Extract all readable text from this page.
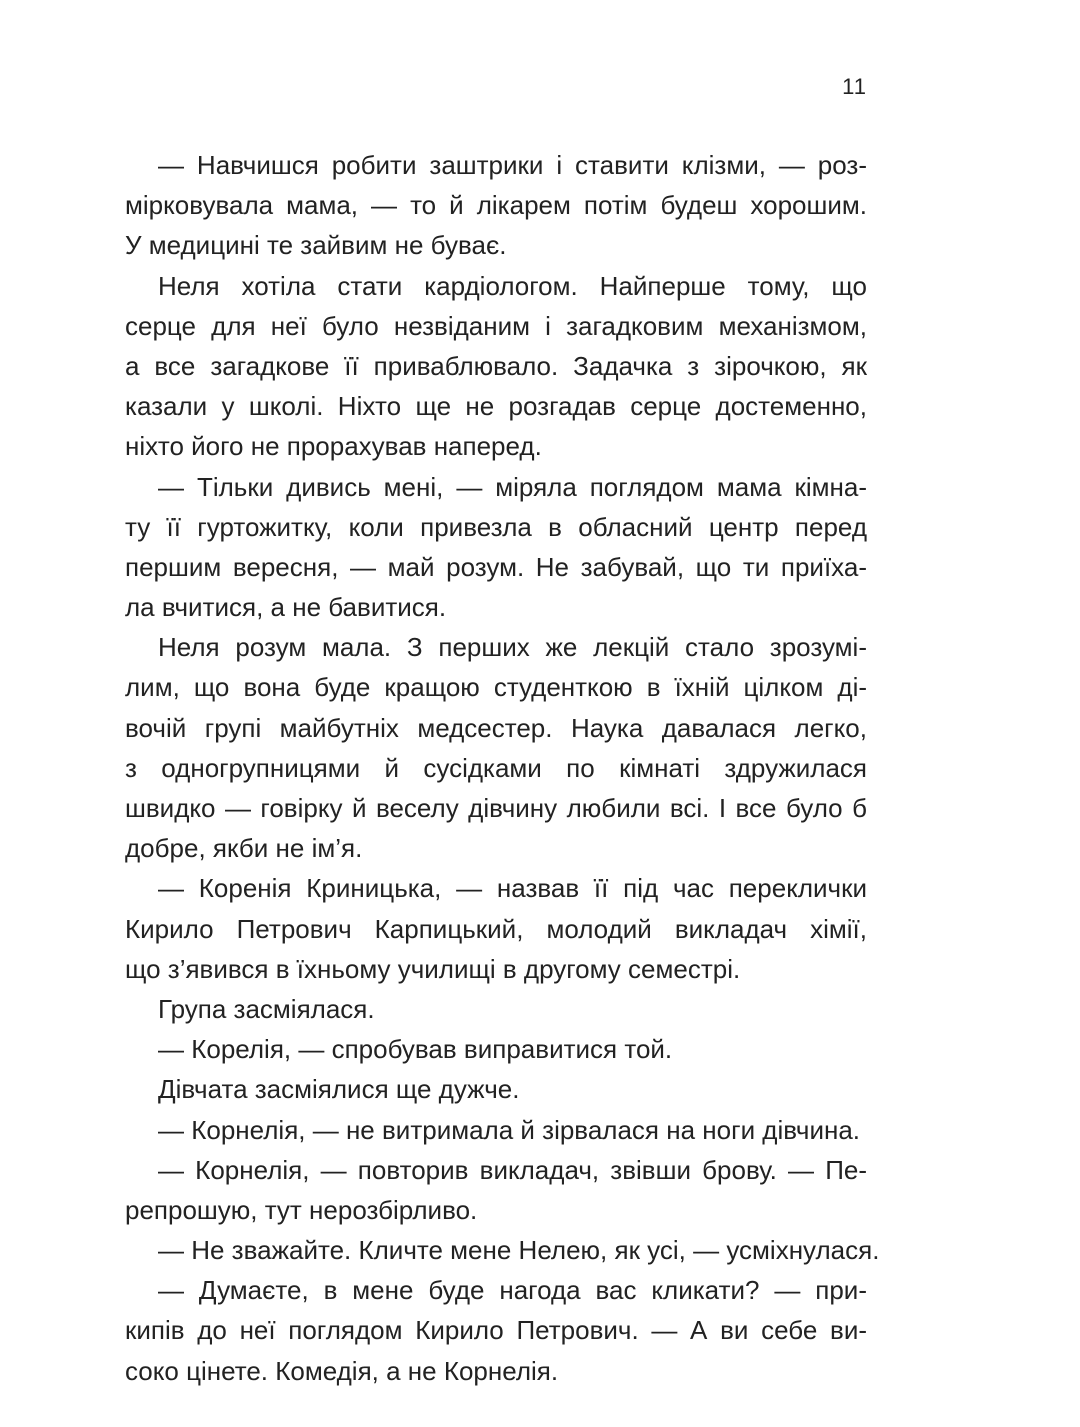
11
— Навчишся робити заштрики і ставити клізми, — роз-
мірковувала мама, — то й лікарем потім будеш хорошим.
У медицині те зайвим не буває.
Неля хотіла стати кардіологом. Найперше тому, що
серце для неї було незвіданим і загадковим механізмом,
а все загадкове її приваблювало. Задачка з зірочкою, як
казали у школі. Ніхто ще не розгадав серце достеменно,
ніхто його не прорахував наперед.
— Тільки дивись мені, — міряла поглядом мама кімна-
ту її гуртожитку, коли привезла в обласний центр перед
першим вересня, — май розум. Не забувай, що ти приїха-
ла вчитися, а не бавитися.
Неля розум мала. З перших же лекцій стало зрозумі-
лим, що вона буде кращою студенткою в їхній цілком ді-
вочій групі майбутніх медсестер. Наука давалася легко,
з одногрупницями й сусідками по кімнаті здружилася
швидко — говірку й веселу дівчину любили всі. І все було б
добре, якби не ім’я.
— Коренія Криницька, — назвав її під час переклички
Кирило Петрович Карпицький, молодий викладач хімії,
що з’явився в їхньому училищі в другому семестрі.
Група засміялася.
— Корелія, — спробував виправитися той.
Дівчата засміялися ще дужче.
— Корнелія, — не витримала й зірвалася на ноги дівчина.
— Корнелія, — повторив викладач, звівши брову. — Пе-
репрошую, тут нерозбірливо.
— Не зважайте. Кличте мене Нелею, як усі, — усміхнулася.
— Думаєте, в мене буде нагода вас кликати? — при-
кипів до неї поглядом Кирило Петрович. — А ви себе ви-
соко цінете. Комедія, а не Корнелія.
